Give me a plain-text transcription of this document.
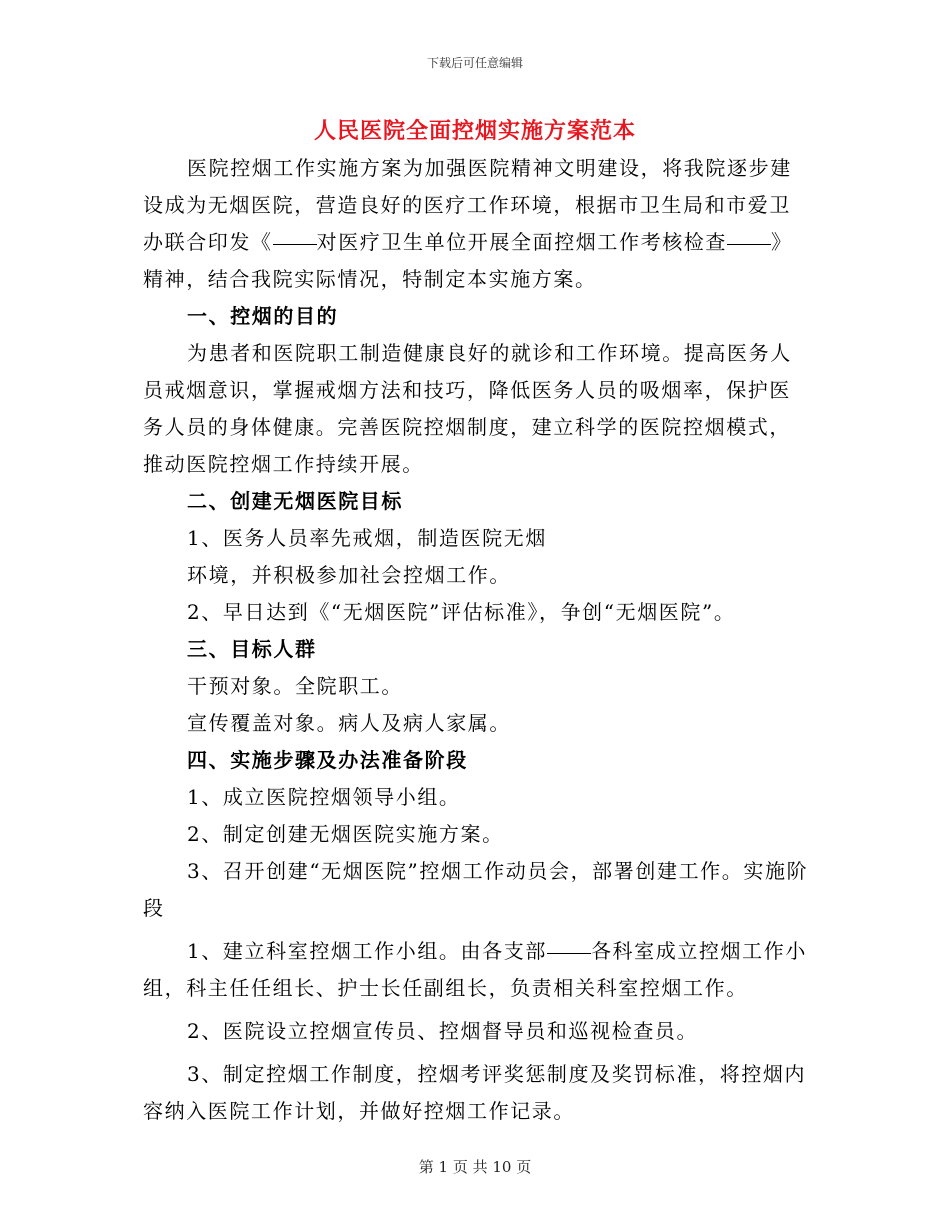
下载后可任意编辑
人民医院全面控烟实施方案范本

医院控烟工作实施方案为加强医院精神文明建设，将我院逐步建设成为无烟医院，营造良好的医疗工作环境，根据市卫生局和市爱卫办联合印发《 对医疗卫生单位开展全面控烟工作考核检查 》精神，结合我院实际情况，特制定本实施方案。

一、控烟的目的

为患者和医院职工制造健康良好的就诊和工作环境。提高医务人员戒烟意识，掌握戒烟方法和技巧，降低医务人员的吸烟率，保护医务人员的身体健康。完善医院控烟制度，建立科学的医院控烟模式，推动医院控烟工作持续开展。

二、创建无烟医院目标

1、医务人员率先戒烟，制造医院无烟

环境，并积极参加社会控烟工作。

2、早日达到《“无烟医院”评估标准》，争创“无烟医院”。

三、目标人群

干预对象。全院职工。

宣传覆盖对象。病人及病人家属。

四、实施步骤及办法准备阶段

1、成立医院控烟领导小组。

2、制定创建无烟医院实施方案。

3、召开创建“无烟医院”控烟工作动员会，部署创建工作。实施阶段

1、建立科室控烟工作小组。由各支部 各科室成立控烟工作小组，科主任任组长、护士长任副组长，负责相关科室控烟工作。

2、医院设立控烟宣传员、控烟督导员和巡视检查员。

3、制定控烟工作制度，控烟考评奖惩制度及奖罚标准，将控烟内容纳入医院工作计划，并做好控烟工作记录。

第 1 页 共 10 页
